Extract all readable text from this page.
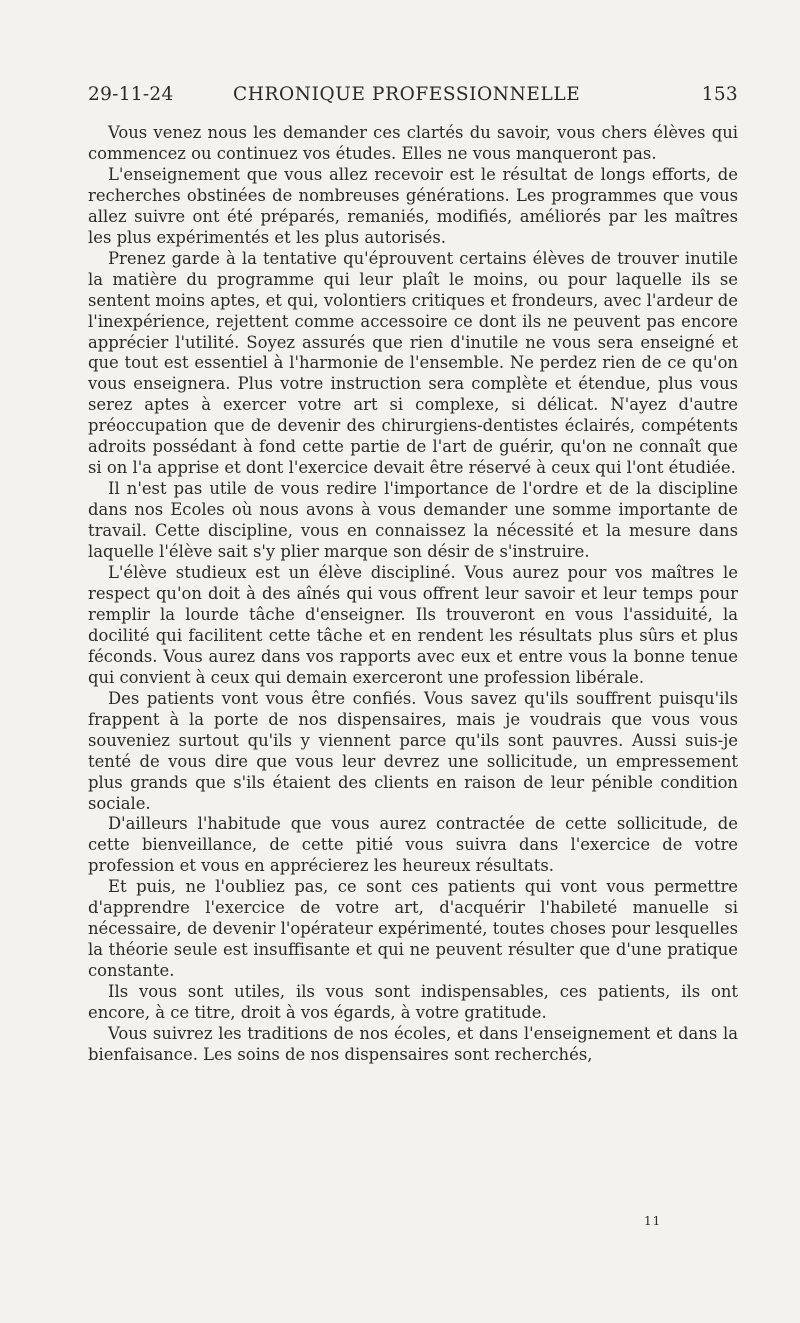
29-11-24	CHRONIQUE PROFESSIONNELLE	153

Vous venez nous les demander ces clartés du savoir, vous chers élèves qui commencez ou continuez vos études. Elles ne vous manqueront pas.

L'enseignement que vous allez recevoir est le résultat de longs efforts, de recherches obstinées de nombreuses générations. Les programmes que vous allez suivre ont été préparés, remaniés, modifiés, améliorés par les maîtres les plus expérimentés et les plus autorisés.

Prenez garde à la tentative qu'éprouvent certains élèves de trouver inutile la matière du programme qui leur plaît le moins, ou pour laquelle ils se sentent moins aptes, et qui, volontiers critiques et frondeurs, avec l'ardeur de l'inexpérience, rejettent comme accessoire ce dont ils ne peuvent pas encore apprécier l'utilité. Soyez assurés que rien d'inutile ne vous sera enseigné et que tout est essentiel à l'harmonie de l'ensemble. Ne perdez rien de ce qu'on vous enseignera. Plus votre instruction sera complète et étendue, plus vous serez aptes à exercer votre art si complexe, si délicat. N'ayez d'autre préoccupation que de devenir des chirurgiens-dentistes éclairés, compétents adroits possédant à fond cette partie de l'art de guérir, qu'on ne connaît que si on l'a apprise et dont l'exercice devait être réservé à ceux qui l'ont étudiée.

Il n'est pas utile de vous redire l'importance de l'ordre et de la discipline dans nos Ecoles où nous avons à vous demander une somme importante de travail. Cette discipline, vous en connaissez la nécessité et la mesure dans laquelle l'élève sait s'y plier marque son désir de s'instruire.

L'élève studieux est un élève discipliné. Vous aurez pour vos maîtres le respect qu'on doit à des aînés qui vous offrent leur savoir et leur temps pour remplir la lourde tâche d'enseigner. Ils trouveront en vous l'assiduité, la docilité qui facilitent cette tâche et en rendent les résultats plus sûrs et plus féconds. Vous aurez dans vos rapports avec eux et entre vous la bonne tenue qui convient à ceux qui demain exerceront une profession libérale.

Des patients vont vous être confiés. Vous savez qu'ils souffrent puisqu'ils frappent à la porte de nos dispensaires, mais je voudrais que vous vous souveniez surtout qu'ils y viennent parce qu'ils sont pauvres. Aussi suis-je tenté de vous dire que vous leur devrez une sollicitude, un empressement plus grands que s'ils étaient des clients en raison de leur pénible condition sociale.

D'ailleurs l'habitude que vous aurez contractée de cette sollicitude, de cette bienveillance, de cette pitié vous suivra dans l'exercice de votre profession et vous en apprécierez les heureux résultats.

Et puis, ne l'oubliez pas, ce sont ces patients qui vont vous permettre d'apprendre l'exercice de votre art, d'acquérir l'habileté manuelle si nécessaire, de devenir l'opérateur expérimenté, toutes choses pour lesquelles la théorie seule est insuffisante et qui ne peuvent résulter que d'une pratique constante.

Ils vous sont utiles, ils vous sont indispensables, ces patients, ils ont encore, à ce titre, droit à vos égards, à votre gratitude.

Vous suivrez les traditions de nos écoles, et dans l'enseignement et dans la bienfaisance. Les soins de nos dispensaires sont recherchés,

11
